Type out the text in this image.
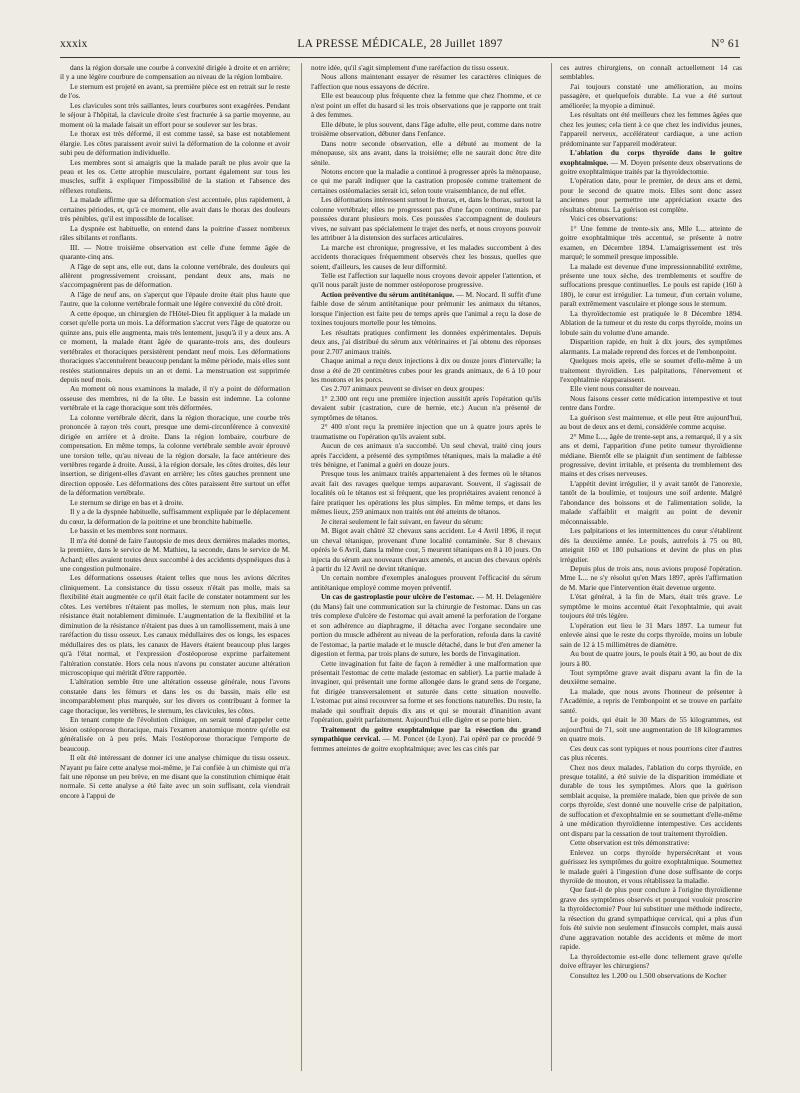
xxxix	LA PRESSE MÉDICALE, 28 Juillet 1897	N° 61

dans la région dorsale une courbe à convexité dirigée à droite et en arrière; il y a une légère courbure de compensation au niveau de la région lombaire.

Le sternum est projeté en avant, sa première pièce est en retrait sur le reste de l'os.

Les clavicules sont très saillantes, leurs courbures sont exagérées. Pendant le séjour à l'hôpital, la clavicule droite s'est fracturée à sa partie moyenne, au moment où la malade faisait un effort pour se soulever sur les bras.

Le thorax est très déformé, il est comme tassé, sa base est notablement élargie. Les côtes paraissent avoir suivi la déformation de la colonne et avoir subi peu de déformation individuelle.

Les membres sont si amaigris que la malade paraît ne plus avoir que la peau et les os. Cette atrophie musculaire, portant également sur tous les muscles, suffit à expliquer l'impossibilité de la station et l'absence des réflexes rotuliens.

La malade affirme que sa déformation s'est accentuée, plus rapidement, à certaines périodes, et, qu'à ce moment, elle avait dans le thorax des douleurs très pénibles, qu'il est impossible de localiser.

La dyspnée est habituelle, on entend dans la poitrine d'assez nombreux râles sibilants et ronflants.

III. — Notre troisième observation est celle d'une femme âgée de quarante-cinq ans.

A l'âge de sept ans, elle eut, dans la colonne vertébrale, des douleurs qui allèrent progressivement croissant, pendant deux ans, mais ne s'accompagnèrent pas de déformation.

A l'âge de neuf ans, on s'aperçut que l'épaule droite était plus haute que l'autre, que la colonne vertébrale formait une légère convexité du côté droit.

A cette époque, un chirurgien de l'Hôtel-Dieu fit appliquer à la malade un corset qu'elle porta un mois. La déformation s'accrut vers l'âge de quatorze ou quinze ans, puis elle augmenta, mais très lentement, jusqu'à il y a deux ans. A ce moment, la malade étant âgée de quarante-trois ans, des douleurs vertébrales et thoraciques persistèrent pendant neuf mois. Les déformations thoraciques s'accentuèrent beaucoup pendant la même période, mais elles sont restées stationnaires depuis un an et demi. La menstruation est supprimée depuis neuf mois.

Au moment où nous examinons la malade, il n'y a point de déformation osseuse des membres, ni de la tête. Le bassin est indemne. La colonne vertébrale et la cage thoracique sont très déformées.

La colonne vertébrale décrit, dans la région thoracique, une courbe très prononcée à rayon très court, presque une demi-circonférence à convexité dirigée en arrière et à droite. Dans la région lombaire, courbure de compensation. En même temps, la colonne vertébrale semble avoir éprouvé une torsion telle, qu'au niveau de la région dorsale, la face antérieure des vertèbres regarde à droite. Aussi, à la région dorsale, les côtes droites, dès leur insertion, se dirigent-elles d'avant en arrière; les côtes gauches prennent une direction opposée. Les déformations des côtes paraissent être surtout un effet de la déformation vertébrale.

Le sternum se dirige en bas et à droite.

Il y a de la dyspnée habituelle, suffisamment expliquée par le déplacement du cœur, la déformation de la poitrine et une bronchite habituelle.

Le bassin et les membres sont normaux.

Il m'a été donné de faire l'autopsie de mes deux dernières malades mortes, la première, dans le service de M. Mathieu, la seconde, dans le service de M. Achard; elles avaient toutes deux succombé à des accidents dyspnéiques dus à une congestion pulmonaire.

Les déformations osseuses étaient telles que nous les avions décrites cliniquement. La consistance du tissu osseux n'était pas molle, mais sa flexibilité était augmentée ce qu'il était facile de constater notamment sur les côtes. Les vertèbres n'étaient pas molles, le sternum non plus, mais leur résistance était notablement diminuée. L'augmentation de la flexibilité et la diminution de la résistance n'étaient pas dues à un ramollissement, mais à une raréfaction du tissu osseux. Les canaux médullaires des os longs, les espaces médullaires des os plats, les canaux de Havers étaient beaucoup plus larges qu'à l'état normal, et l'expression d'ostéoporose exprime parfaitement l'altération constatée. Hors cela nous n'avons pu constater aucune altération microscopique qui méritât d'être rapportée.

L'altération semble être une altération osseuse générale, nous l'avons constatée dans les fémurs et dans les os du bassin, mais elle est incomparablement plus marquée, sur les divers os contribuant à former la cage thoracique, les vertèbres, le sternum, les clavicules, les côtes.

En tenant compte de l'évolution clinique, on serait tenté d'appeler cette lésion ostéoporose thoracique, mais l'examen anatomique montre qu'elle est généralisée on à peu près. Mais l'ostéoporose thoracique l'emporte de beaucoup.

Il eût été intéressant de donner ici une analyse chimique du tissu osseux. N'ayant pu faire cette analyse moi-même, je l'ai confiée à un chimiste qui m'a fait une réponse un peu brève, en me disant que la constitution chimique était normale. Si cette analyse a été faite avec un soin suffisant, cela viendrait encore à l'appui de

notre idée, qu'il s'agit simplement d'une raréfaction du tissu osseux.

Nous allons maintenant essayer de résumer les caractères cliniques de l'affection que nous essayons de décrire.

Elle est beaucoup plus fréquente chez la femme que chez l'homme, et ce n'est point un effet du hasard si les trois observations que je rapporte ont trait à des femmes.

Elle débute, le plus souvent, dans l'âge adulte, elle peut, comme dans notre troisième observation, débuter dans l'enfance.

Dans notre seconde observation, elle a débuté au moment de la ménopause, six ans avant, dans la troisième; elle ne saurait donc être dite sénile.

Notons encore que la maladie a continué à progresser après la ménopause, ce qui me paraît indiquer que la castration proposée comme traitement de certaines ostéomalacies serait ici, selon toute vraisemblance, de nul effet.

Les déformations intéressent surtout le thorax, et, dans le thorax, surtout la colonne vertébrale; elles ne progressent pas d'une façon continue, mais par poussées durant plusieurs mois. Ces poussées s'accompagnent de douleurs vives, ne suivant pas spécialement le trajet des nerfs, et nous croyons pouvoir les attribuer à la distension des surfaces articulaires.

La marche est chronique, progressive, et les malades succombent à des accidents thoraciques fréquemment observés chez les bossus, quelles que soient, d'ailleurs, les causes de leur difformité.

Telle est l'affection sur laquelle nous croyons devoir appeler l'attention, et qu'il nous paraît juste de nommer ostéoporose progressive.

Action préventive du sérum antitétanique. — M. Nocard. Il suffit d'une faible dose de sérum antitétanique pour prémunir les animaux du tétanos, lorsque l'injection est faite peu de temps après que l'animal a reçu la dose de toxines toujours mortelle pour les témoins.

Les résultats pratiques confirment les données expérimentales. Depuis deux ans, j'ai distribué du sérum aux vétérinaires et j'ai obtenu des réponses pour 2.707 animaux traités.

Chaque animal a reçu deux injections à dix ou douze jours d'intervalle; la dose a été de 20 centimètres cubes pour les grands animaux, de 6 à 10 pour les moutons et les porcs.

Ces 2.707 animaux peuvent se diviser en deux groupes:

1° 2.300 ont reçu une première injection aussitôt après l'opération qu'ils devaient subir (castration, cure de hernie, etc.) Aucun n'a présenté de symptômes de tétanos.

2° 400 n'ont reçu la première injection que un à quatre jours après le traumatisme ou l'opération qu'ils avaient subi.

Aucun de ces animaux n'a succombé. Un seul cheval, traité cinq jours après l'accident, a présenté des symptômes tétaniques, mais la maladie a été très bénigne, et l'animal a guéri en douze jours.

Presque tous les animaux traités appartenaient à des fermes où le tétanos avait fait des ravages quelque temps auparavant. Souvent, il s'agissait de localités où le tétanos est si fréquent, que les propriétaires avaient renoncé à faire pratiquer les opérations les plus simples. En même temps, et dans les mêmes lieux, 259 animaux non traités ont été atteints de tétanos.

Je citerai seulement le fait suivant, en faveur du sérum:

M. Bigot avait châtré 32 chevaux sans accident. Le 4 Avril 1896, il reçut un cheval tétanique, provenant d'une localité contaminée. Sur 8 chevaux opérés le 6 Avril, dans la même cour, 5 meurent tétaniques en 8 à 10 jours. On injecta du sérum aux nouveaux chevaux amenés, et aucun des chevaux opérés à partir du 12 Avril ne devint tétanique.

Un certain nombre d'exemples analogues prouvent l'efficacité du sérum antitétanique employé comme moyen préventif.

Un cas de gastroplastie pour ulcère de l'estomac. — M. H. Delagenière (du Mans) fait une communication sur la chirurgie de l'estomac. Dans un cas très complexe d'ulcère de l'estomac qui avait amené la perforation de l'organe et son adhérence au diaphragme, il détacha avec l'organe secondaire une portion du muscle adhérent au niveau de la perforation, refoula dans la cavité de l'estomac, la partie malade et le muscle détaché, dans le but d'en amener la digestion et ferma, par trois plans de suture, les bords de l'invagination.

Cette invagination fut faite de façon à remédier à une malformation que présentait l'estomac de cette malade (estomac en sablier). La partie malade à invaginer, qui présentait une forme allongée dans le grand sens de l'organe, fut dirigée transversalement et suturée dans cette situation nouvelle. L'estomac put ainsi recouvrer sa forme et ses fonctions naturelles. Du reste, la malade qui souffrait depuis dix ans et qui se mourait d'inanition avant l'opération, guérit parfaitement. Aujourd'hui elle digère et se porte bien.

Traitement du goitre exophtalmique par la résection du grand sympathique cervical. — M. Poncet (de Lyon). J'ai opéré par ce procédé 9 femmes atteintes de goitre exophtalmique; avec les cas cités par

ces autres chirurgiens, on connaît actuellement 14 cas semblables.

J'ai toujours constaté une amélioration, au moins passagère, et quelquefois durable. La vue a été surtout améliorée; la myopie a diminué.

Les résultats ont été meilleurs chez les femmes âgées que chez les jeunes; cela tient à ce que chez les individus jeunes, l'appareil nerveux, accélérateur cardiaque, a une action prédominante sur l'appareil modérateur.

L'ablation du corps thyroïde dans le goitre exophtalmique. — M. Doyen présente deux observations de goitre exophtalmique traités par la thyroïdectomie.

L'opération date, pour le premier, de deux ans et demi, pour le second de quatre mois. Elles sont donc assez anciennes pour permettre une appréciation exacte des résultats obtenus. La guérison est complète.

Voici ces observations:

1° Une femme de trente-six ans, Mlle L... atteinte de goitre exophtalmique très accentué, se présente à notre examen, en Décembre 1894. L'amaigrissement est très marqué; le sommeil presque impossible.

La malade est devenue d'une impressionnabilité extrême, présente une toux sèche, des tremblements et souffre de suffocations presque continuelles. Le pouls est rapide (160 à 180), le cœur est irrégulier. La tumeur, d'un certain volume, paraît extrêmement vasculaire et plonge sous le sternum.

La thyroïdectomie est pratiquée le 8 Décembre 1894. Ablation de la tumeur et du reste du corps thyroïde, moins un lobule sain du volume d'une amande.

Disparition rapide, en huit à dix jours, des symptômes alarmants. La malade reprend des forces et de l'embonpoint.

Quelques mois après, elle se soumet d'elle-même à un traitement thyroïdien. Les palpitations, l'énervement et l'exophtalmie réapparaissent.

Elle vient nous consulter de nouveau.

Nous faisons cesser cette médication intempestive et tout rentre dans l'ordre.

La guérison s'est maintenue, et elle peut être aujourd'hui, au bout de deux ans et demi, considérée comme acquise.

2° Mme L..., âgée de trente-sept ans, a remarqué, il y a six ans et demi, l'apparition d'une petite tumeur thyroïdienne médiane. Bientôt elle se plaignit d'un sentiment de faiblesse progressive, devint irritable, et présenta du tremblement des mains et des crises nerveuses.

L'appétit devint irrégulier, il y avait tantôt de l'anorexie, tantôt de la boulimie, et toujours une soif ardente. Malgré l'abondance des boissons et de l'alimentation solide, la malade s'affaiblit et maigrit au point de devenir méconnaissable.

Les palpitations et les intermittences du cœur s'établirent dès la deuxième année. Le pouls, autrefois à 75 ou 80, atteignit 160 et 180 pulsations et devint de plus en plus irrégulier.

Depuis plus de trois ans, nous avions proposé l'opération. Mme L... ne s'y résolut qu'en Mars 1897, après l'affirmation de M. Marie que l'intervention était devenue urgente.

L'état général, à la fin de Mars, était très grave. Le symptôme le moins accentué était l'exophtalmie, qui avait toujours été très légère.

L'opération eut lieu le 31 Mars 1897. La tumeur fut enlevée ainsi que le reste du corps thyroïde, moins un lobule sain de 12 à 15 millimètres de diamètre.

Au bout de quatre jours, le pouls était à 90, au bout de dix jours à 80.

Tout symptôme grave avait disparu avant la fin de la deuxième semaine.

La malade, que nous avons l'honneur de présenter à l'Académie, a repris de l'embonpoint et se trouve en parfaite santé.

Le poids, qui était le 30 Mars de 55 kilogrammes, est aujourd'hui de 71, soit une augmentation de 18 kilogrammes en quatre mois.

Ces deux cas sont typiques et nous pourrions citer d'autres cas plus récents.

Chez nos deux malades, l'ablation du corps thyroïde, en presque totalité, a été suivie de la disparition immédiate et durable de tous les symptômes. Alors que la guérison semblait acquise, la première malade, bien que privée de son corps thyroïde, s'est donné une nouvelle crise de palpitation, de suffocation et d'exophtalmie en se soumettant d'elle-même à une médication thyroïdienne intempestive. Ces accidents ont disparu par la cessation de tout traitement thyroïdien.

Cette observation est très démonstrative:

Enlevez un corps thyroïde hypersécrétant et vous guérissez les symptômes du goitre exophtalmique. Soumettez le malade guéri à l'ingestion d'une dose suffisante de corps thyroïde de mouton, et vous rétablissez la maladie.

Que faut-il de plus pour conclure à l'origine thyroïdienne grave des symptômes observés et pourquoi vouloir proscrire la thyroïdectomie? Pour lui substituer une méthode indirecte, la résection du grand sympathique cervical, qui a plus d'un fois été suivie non seulement d'insuccès complet, mais aussi d'une aggravation notable des accidents et même de mort rapide.

La thyroïdectomie est-elle donc tellement grave qu'elle doive effrayer les chirurgiens?

Consultez les 1.200 ou 1.500 observations de Kocher
